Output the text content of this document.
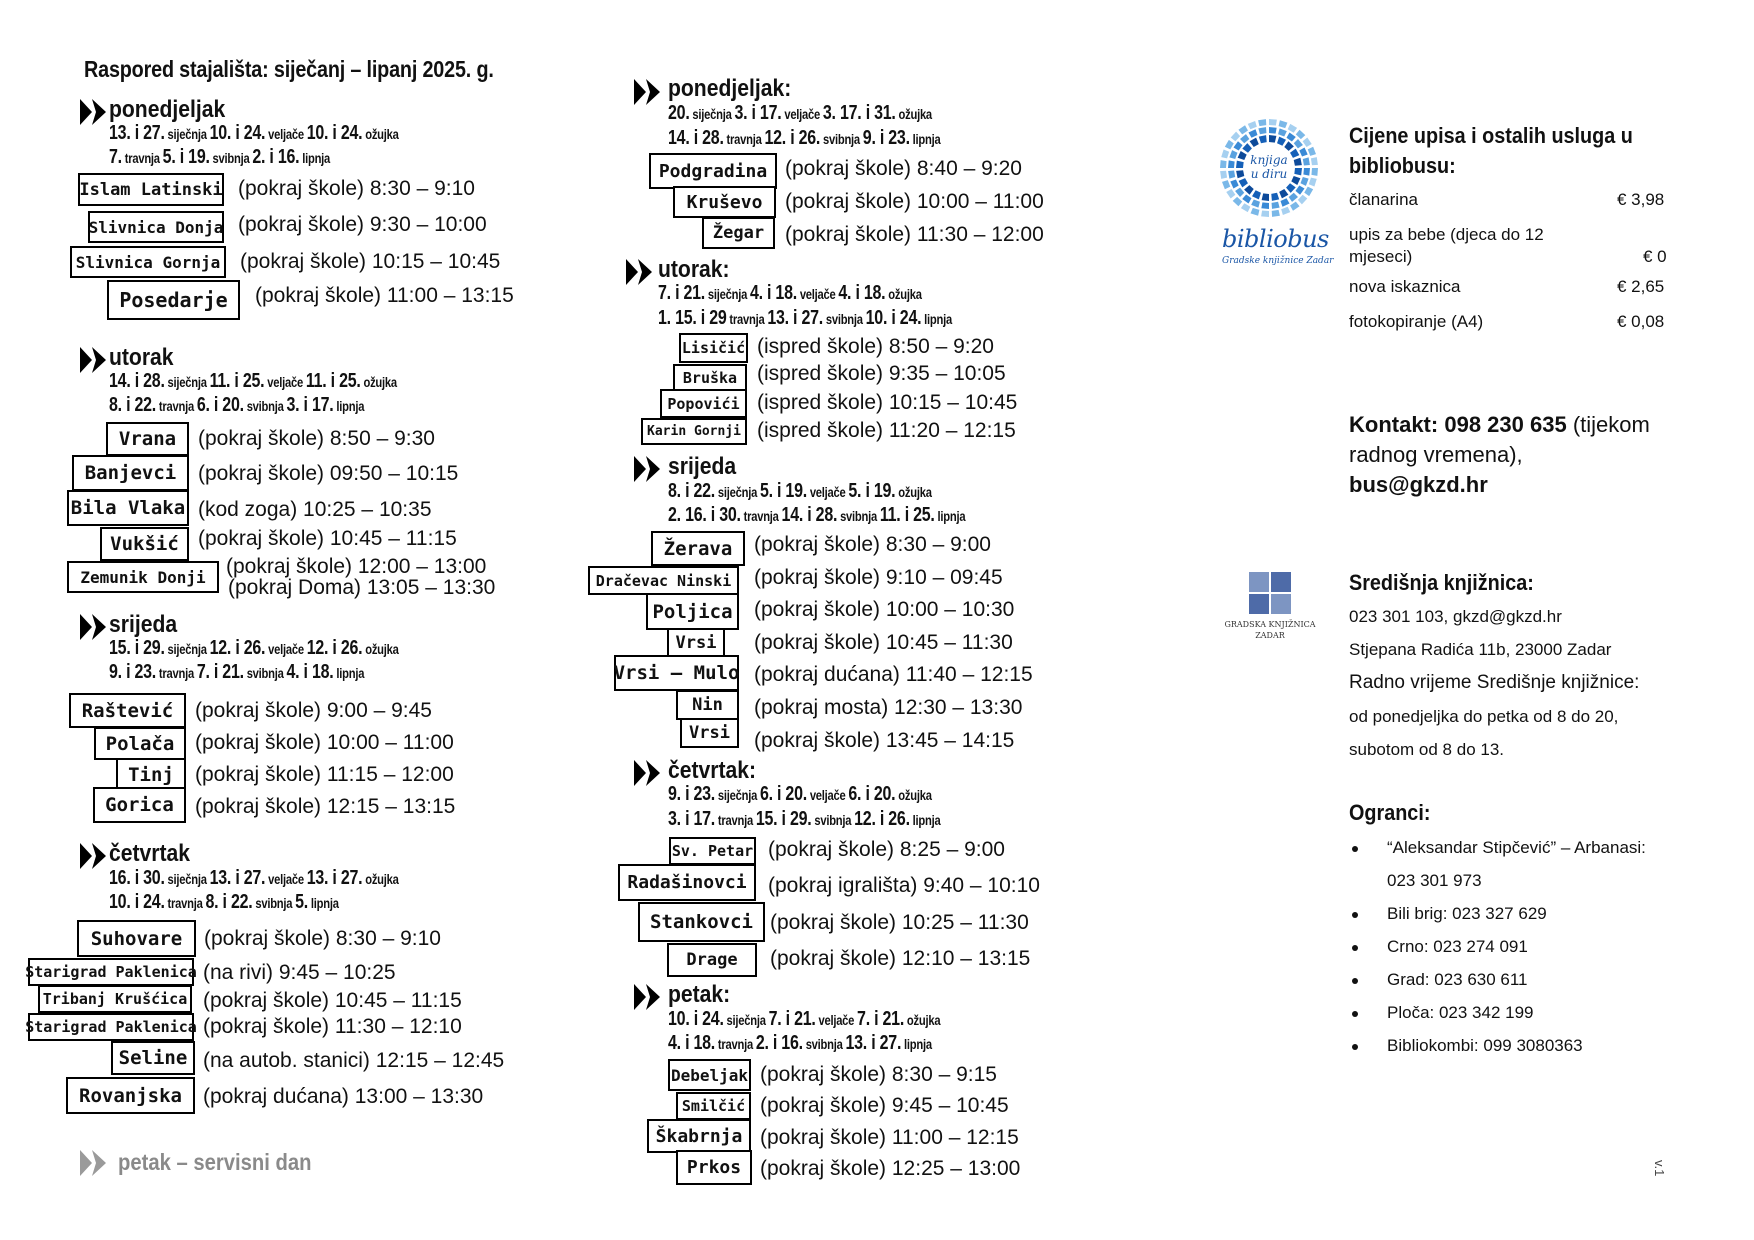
Raspored stajališta: siječanj – lipanj 2025. g.
ponedjeljak
13. i 27. siječnja 10. i 24. veljače 10. i 24. ožujka
7. travnja 5. i 19. svibnja 2. i 16. lipnja
Islam Latinski (pokraj škole) 8:30 – 9:10
Slivnica Donja (pokraj škole) 9:30 – 10:00
Slivnica Gornja (pokraj škole) 10:15 – 10:45
Posedarje	(pokraj škole) 11:00 – 13:15
utorak
14. i 28. siječnja 11. i 25. veljače 11. i 25. ožujka
8. i 22. travnja 6. i 20. svibnja 3. i 17. lipnja
Vrana	(pokraj škole) 8:50 – 9:30
Banjevci	(pokraj škole) 09:50 – 10:15
Bila Vlaka (kod zoga) 10:25 – 10:35
Vukšić (pokraj škole) 10:45 – 11:15
Zemunik Donji (pokraj škole) 12:00 – 13:00
(pokraj Doma) 13:05 – 13:30
srijeda
15. i 29. siječnja 12. i 26. veljače 12. i 26. ožujka
9. i 23. travnja 7. i 21. svibnja 4. i 18. lipnja
Raštević	(pokraj škole) 9:00 – 9:45
Polača (pokraj škole) 10:00 – 11:00
Tinj	(pokraj škole) 11:15 – 12:00
Gorica	(pokraj škole) 12:15 – 13:15
četvrtak
16. i 30. siječnja 13. i 27. veljače 13. i 27. ožujka
10. i 24. travnja 8. i 22. svibnja 5. lipnja
Suhovare	(pokraj škole) 8:30 – 9:10
Starigrad Paklenica (na rivi) 9:45 – 10:25
Tribanj Krušćica (pokraj škole) 10:45 – 11:15
Starigrad Paklenica (pokraj škole) 11:30 – 12:10
Seline (na autob. stanici) 12:15 – 12:45
Rovanjska	(pokraj dućana) 13:00 – 13:30
petak – servisni dan
ponedjeljak:
20. siječnja 3. i 17. veljače 3. 17. i 31. ožujka
14. i 28. travnja 12. i 26. svibnja 9. i 23. lipnja
Podgradina (pokraj škole) 8:40 – 9:20
Kruševo	(pokraj škole) 10:00 – 11:00
Žegar (pokraj škole) 11:30 – 12:00
utorak:
7. i 21. siječnja 4. i 18. veljače 4. i 18. ožujka
1. 15. i 29 travnja 13. i 27. svibnja 10. i 24. lipnja
Lisičić (ispred škole) 8:50 – 9:20
Bruška (ispred škole) 9:35 – 10:05
Popovići (ispred škole) 10:15 – 10:45
Karin Gornji (ispred škole) 11:20 – 12:15
srijeda
8. i 22. siječnja 5. i 19. veljače 5. i 19. ožujka
2. 16. i 30. travnja 14. i 28. svibnja 11. i 25. lipnja
Žerava	(pokraj škole) 8:30 – 9:00
Dračevac Ninski	(pokraj škole) 9:10 – 09:45
Poljica	(pokraj škole) 10:00 – 10:30
Vrsi	(pokraj škole) 10:45 – 11:30
Vrsi – Mulo (pokraj dućana) 11:40 – 12:15
Nin	(pokraj mosta) 12:30 – 13:30
Vrsi	(pokraj škole) 13:45 – 14:15
četvrtak:
9. i 23. siječnja 6. i 20. veljače 6. i 20. ožujka
3. i 17. travnja 15. i 29. svibnja 12. i 26. lipnja
Sv. Petar (pokraj škole) 8:25 – 9:00
Radašinovci	(pokraj igrališta) 9:40 – 10:10
Stankovci (pokraj škole) 10:25 – 11:30
Drage	(pokraj škole) 12:10 – 13:15
petak:
10. i 24. siječnja 7. i 21. veljače 7. i 21. ožujka
4. i 18. travnja 2. i 16. svibnja 13. i 27. lipnja
Debeljak (pokraj škole) 8:30 – 9:15
Smilčić (pokraj škole) 9:45 – 10:45
Škabrnja (pokraj škole) 11:00 – 12:15
Prkos (pokraj škole) 12:25 – 13:00
knjiga
u diru
bibliobus
Gradske knjižnice Zadar
Cijene upisa i ostalih usluga u bibliobusu:
članarina	€ 3,98
upis za bebe (djeca do 12 mjeseci)	€ 0
nova iskaznica	€ 2,65
fotokopiranje (A4)	€ 0,08
Kontakt: 098 230 635 (tijekom
radnog vremena),
bus@gkzd.hr
GRADSKA KNJIŽNICA
ZADAR
Središnja knjižnica:
023 301 103, gkzd@gkzd.hr
Stjepana Radića 11b, 23000 Zadar
Radno vrijeme Središnje knjižnice:
od ponedjeljka do petka od 8 do 20,
subotom od 8 do 13.
Ogranci:
“Aleksandar Stipčević” – Arbanasi:
023 301 973
Bili brig: 023 327 629
Crno: 023 274 091
Grad: 023 630 611
Ploča: 023 342 199
Bibliokombi: 099 3080363
v.1
